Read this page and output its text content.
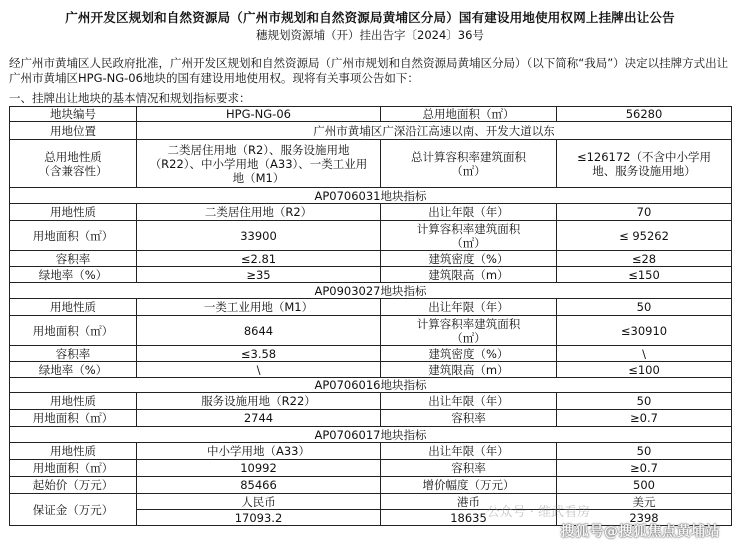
广州开发区规划和自然资源局（广州市规划和自然资源局黄埔区分局）国有建设用地使用权网上挂牌出让公告
穗规划资源埔（开）挂出告字〔2024〕36号
经广州市黄埔区人民政府批准，广州开发区规划和自然资源局（广州市规划和自然资源局黄埔区分局）（以下简称“我局”）决定以挂牌方式出让广州市黄埔区HPG-NG-06地块的国有建设用地使用权。现将有关事项公告如下：
一、挂牌出让地块的基本情况和规划指标要求：
地块编号	HPG-NG-06	总用地面积（㎡）	56280
用地位置	广州市黄埔区广深沿江高速以南、开发大道以东		
总用地性质
（含兼容性）	二类居住用地（R2）、服务设施用地（R22）、中小学用地（A33）、一类工业用地（M1）	总计算容积率建筑面积
（㎡）	≤126172（不含中小学用地、服务设施用地）
AP0706031地块指标			
用地性质	二类居住用地（R2）	出让年限（年）	70
用地面积（㎡）	33900	计算容积率建筑面积
（㎡）	≤ 95262
容积率	≤2.81	建筑密度（%）	≤28
绿地率（%）	≥35	建筑限高（m）	≤150
AP0903027地块指标			
用地性质	一类工业用地（M1）	出让年限（年）	50
用地面积（㎡）	8644	计算容积率建筑面积
（㎡）	≤30910
容积率	≤3.58	建筑密度（%）	\
绿地率（%）	\	建筑限高（m）	≤100
AP0706016地块指标			
用地性质	服务设施用地（R22）	出让年限（年）	50
用地面积（㎡）	2744	容积率	≥0.7
AP0706017地块指标			
用地性质	中小学用地（A33）	出让年限（年）	50
用地面积（㎡）	10992	容积率	≥0.7
起始价（万元）	85466	增价幅度（万元）	500
保证金（万元）	人民币	港币	美元
	17093.2	18635	2398
公众号 · 维武看房
搜狐号@搜狐焦点黄埔站
